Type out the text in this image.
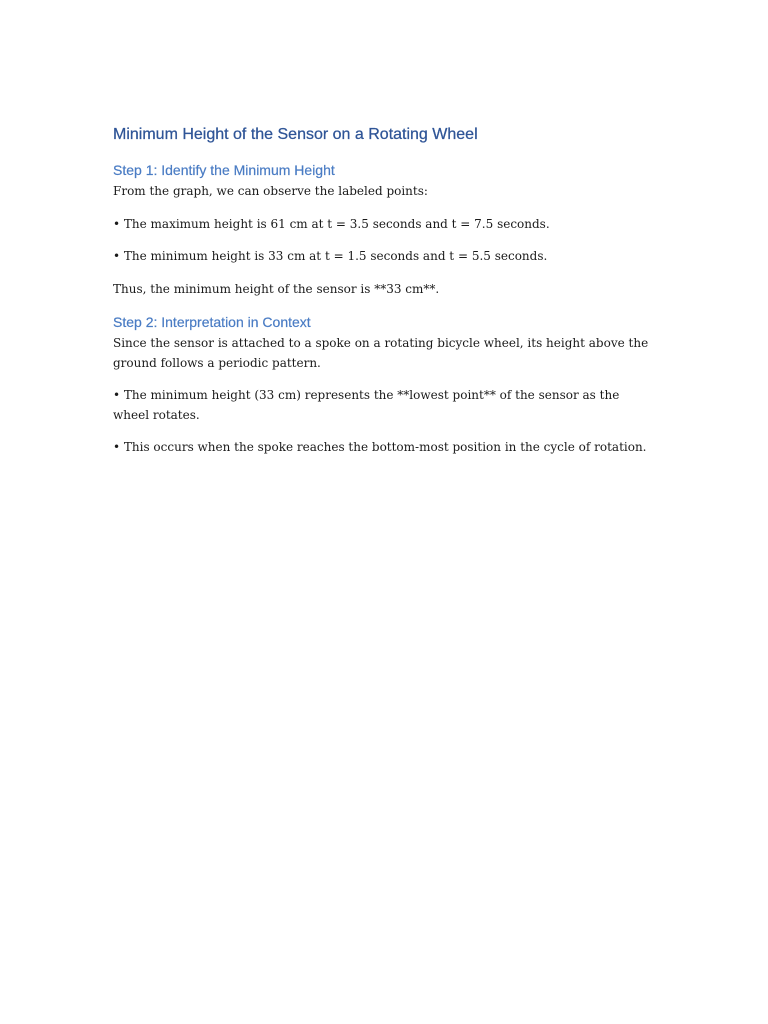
Minimum Height of the Sensor on a Rotating Wheel
Step 1: Identify the Minimum Height

From the graph, we can observe the labeled points:

• The maximum height is 61 cm at t = 3.5 seconds and t = 7.5 seconds.

• The minimum height is 33 cm at t = 1.5 seconds and t = 5.5 seconds.

Thus, the minimum height of the sensor is **33 cm**.

Step 2: Interpretation in Context

Since the sensor is attached to a spoke on a rotating bicycle wheel, its height above the ground follows a periodic pattern.

• The minimum height (33 cm) represents the **lowest point** of the sensor as the wheel rotates.

• This occurs when the spoke reaches the bottom-most position in the cycle of rotation.
